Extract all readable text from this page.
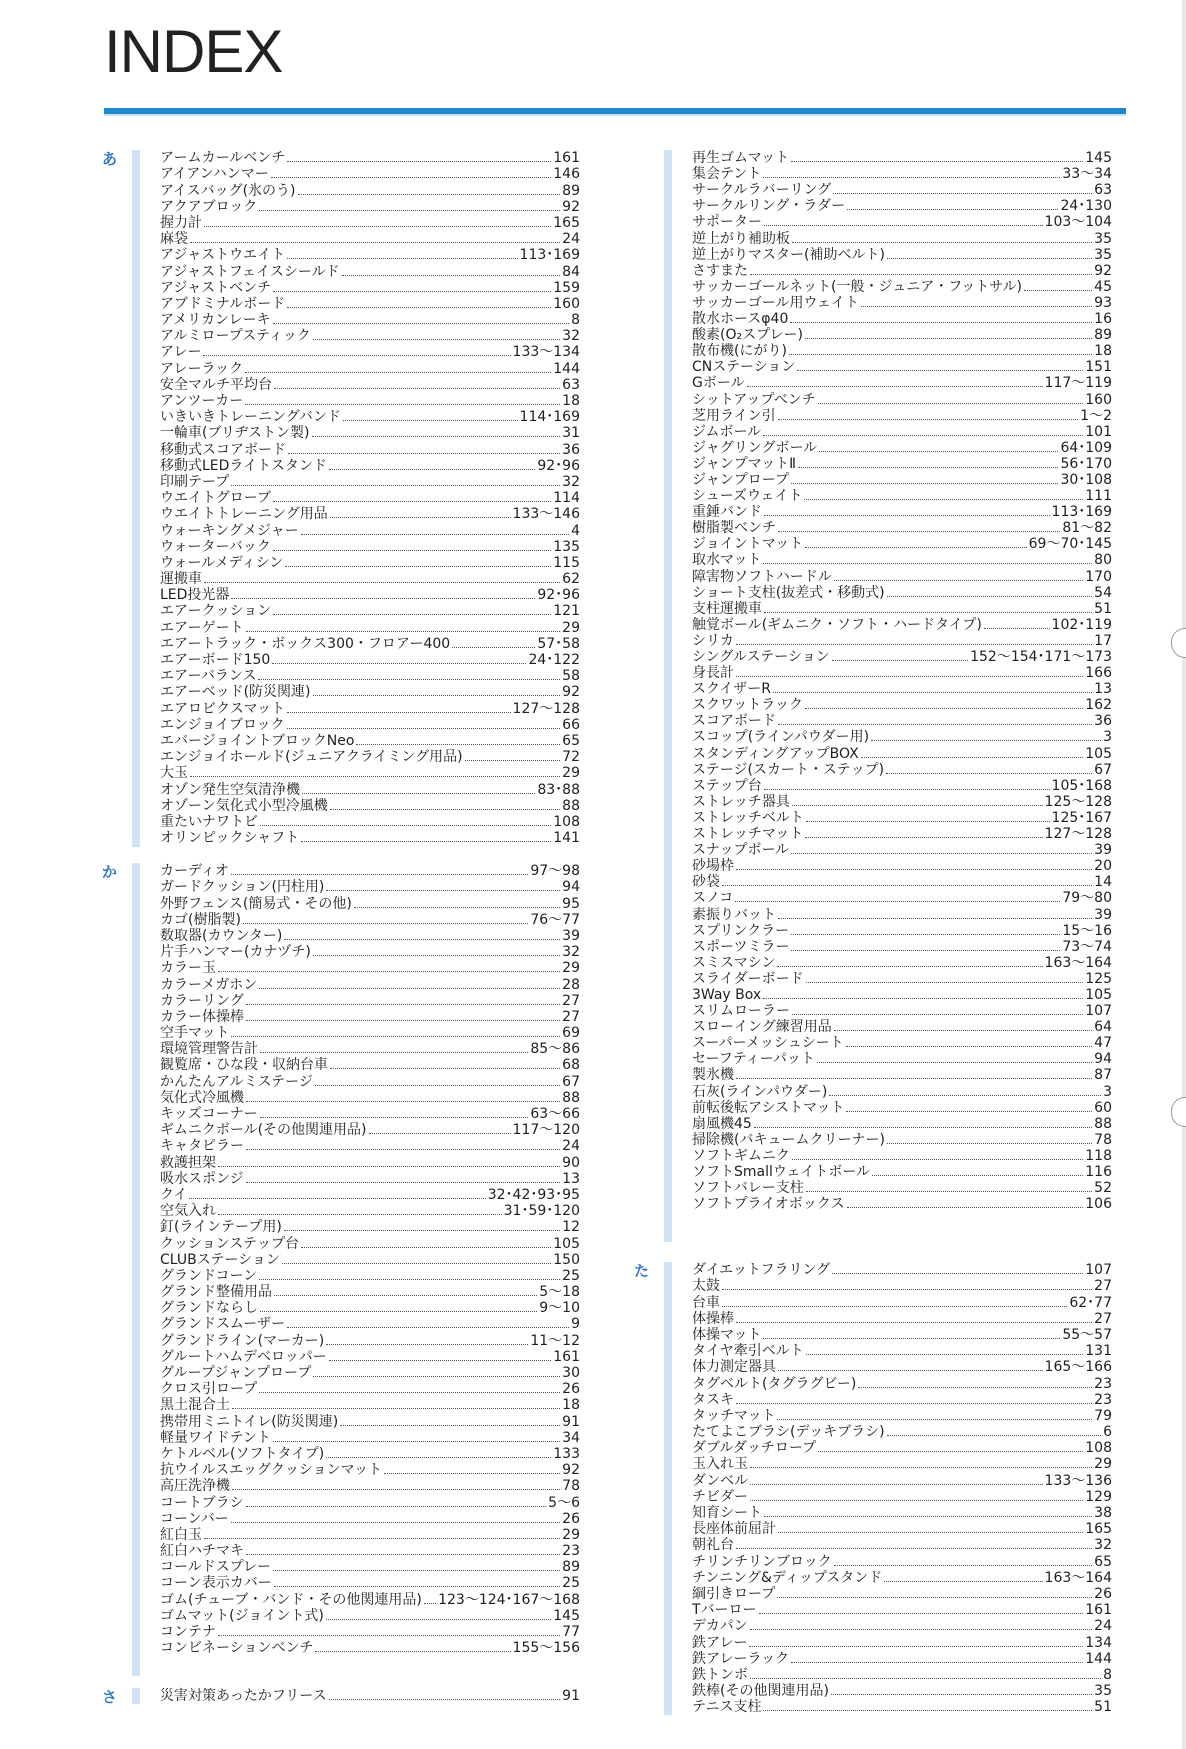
INDEX
あ	アームカールベンチ	161
アイアンハンマー	146
アイスバッグ(氷のう)	89
アクアブロック	92
握力計	165
麻袋	24
アジャストウエイト	113･169
アジャストフェイスシールド	84
アジャストベンチ	159
アブドミナルボード	160
アメリカンレーキ	8
アルミロープスティック	32
アレー	133〜134
アレーラック	144
安全マルチ平均台	63
アンツーカー	18
いきいきトレーニングバンド	114･169
一輪車(ブリヂストン製)	31
移動式スコアボード	36
移動式LEDライトスタンド	92･96
印刷テープ	32
ウエイトグローブ	114
ウエイトトレーニング用品	133〜146
ウォーキングメジャー	4
ウォーターバック	135
ウォールメディシン	115
運搬車	62
LED投光器	92･96
エアークッション	121
エアーゲート	29
エアートラック・ボックス300・フロアー400	57･58
エアーボード150	24･122
エアーバランス	58
エアーベッド(防災関連)	92
エアロビクスマット	127〜128
エンジョイブロック	66
エバージョイントブロックNeo	65
エンジョイホールド(ジュニアクライミング用品)	72
大玉	29
オゾン発生空気清浄機	83･88
オゾーン気化式小型冷風機	88
重たいナワトビ	108
オリンピックシャフト	141
か	カーディオ	97〜98
ガードクッション(円柱用)	94
外野フェンス(簡易式・その他)	95
カゴ(樹脂製)	76〜77
数取器(カウンター)	39
片手ハンマー(カナヅチ)	32
カラー玉	29
カラーメガホン	28
カラーリング	27
カラー体操棒	27
空手マット	69
環境管理警告計	85〜86
観覧席・ひな段・収納台車	68
かんたんアルミステージ	67
気化式冷風機	88
キッズコーナー	63〜66
ギムニクボール(その他関連用品)	117〜120
キャタピラー	24
救護担架	90
吸水スポンジ	13
クイ	32･42･93･95
空気入れ	31･59･120
釘(ラインテープ用)	12
クッションステップ台	105
CLUBステーション	150
グランドコーン	25
グランド整備用品	5〜18
グランドならし	9〜10
グランドスムーザー	9
グランドライン(マーカー)	11〜12
グルートハムデベロッパー	161
グループジャンプロープ	30
クロス引ロープ	26
黒土混合土	18
携帯用ミニトイレ(防災関連)	91
軽量ワイドテント	34
ケトルベル(ソフトタイプ)	133
抗ウイルスエッグクッションマット	92
高圧洗浄機	78
コートブラシ	5〜6
コーンバー	26
紅白玉	29
紅白ハチマキ	23
コールドスプレー	89
コーン表示カバー	25
ゴム(チューブ・バンド・その他関連用品) 123〜124･167〜168
ゴムマット(ジョイント式)	145
コンテナ	77
コンビネーションベンチ	155〜156
さ	災害対策あったかフリース	91
再生ゴムマット	145
集会テント	33〜34
サークルラバーリング	63
サークルリング・ラダー	24･130
サポーター	103〜104
逆上がり補助板	35
逆上がりマスター(補助ベルト)	35
さすまた	92
サッカーゴールネット(一般・ジュニア・フットサル)	45
サッカーゴール用ウェイト	93
散水ホースφ40	16
酸素(O₂スプレー)	89
散布機(にがり)	18
CNステーション	151
Gボール	117〜119
シットアップベンチ	160
芝用ライン引	1〜2
ジムボール	101
ジャグリングボール	64･109
ジャンプマットⅡ	56･170
ジャンプロープ	30･108
シューズウェイト	111
重錘バンド	113･169
樹脂製ベンチ	81〜82
ジョイントマット	69〜70･145
取水マット	80
障害物ソフトハードル	170
ショート支柱(抜差式・移動式)	54
支柱運搬車	51
触覚ボール(ギムニク・ソフト・ハードタイプ)	102･119
シリカ	17
シングルステーション	152〜154･171〜173
身長計	166
スクイザーR	13
スクワットラック	162
スコアボード	36
スコップ(ラインパウダー用)	3
スタンディングアップBOX	105
ステージ(スカート・ステップ)	67
ステップ台	105･168
ストレッチ器具	125〜128
ストレッチベルト	125･167
ストレッチマット	127〜128
スナップボール	39
砂場枠	20
砂袋	14
スノコ	79〜80
素振りバット	39
スプリンクラー	15〜16
スポーツミラー	73〜74
スミスマシン	163〜164
スライダーボード	125
3Way Box	105
スリムローラー	107
スローイング練習用品	64
スーパーメッシュシート	47
セーフティーパット	94
製氷機	87
石灰(ラインパウダー)	3
前転後転アシストマット	60
扇風機45	88
掃除機(バキュームクリーナー)	78
ソフトギムニク	118
ソフトSmallウェイトボール	116
ソフトバレー支柱	52
ソフトプライオボックス	106
た	ダイエットフラリング	107
太鼓	27
台車	62･77
体操棒	27
体操マット	55〜57
タイヤ牽引ベルト	131
体力測定器具	165〜166
タグベルト(タグラグビー)	23
タスキ	23
タッチマット	79
たてよこブラシ(デッキブラシ)	6
ダブルダッチロープ	108
玉入れ玉	29
ダンベル	133〜136
チビダー	129
知育シート	38
長座体前屈計	165
朝礼台	32
チリンチリンブロック	65
チンニング&ディップスタンド	163〜164
綱引きロープ	26
Tバーロー	161
デカパン	24
鉄アレー	134
鉄アレーラック	144
鉄トンボ	8
鉄棒(その他関連用品)	35
テニス支柱	51
